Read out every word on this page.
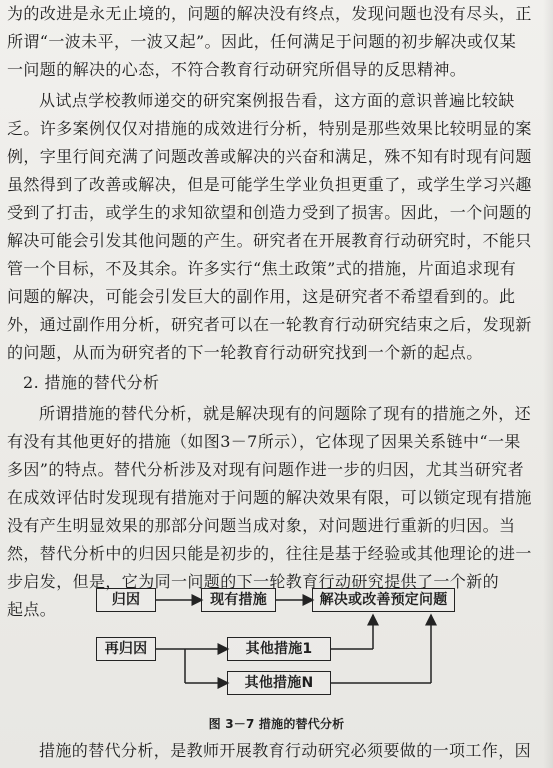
为的改进是永无止境的，问题的解决没有终点，发现问题也没有尽头，正
所谓“一波未平，一波又起”。因此，任何满足于问题的初步解决或仅某
一问题的解决的心态，不符合教育行动研究所倡导的反思精神。
从试点学校教师递交的研究案例报告看，这方面的意识普遍比较缺
乏。许多案例仅仅对措施的成效进行分析，特别是那些效果比较明显的案
例，字里行间充满了问题改善或解决的兴奋和满足，殊不知有时现有问题
虽然得到了改善或解决，但是可能学生学业负担更重了，或学生学习兴趣
受到了打击，或学生的求知欲望和创造力受到了损害。因此，一个问题的
解决可能会引发其他问题的产生。研究者在开展教育行动研究时，不能只
管一个目标，不及其余。许多实行“焦土政策”式的措施，片面追求现有
问题的解决，可能会引发巨大的副作用，这是研究者不希望看到的。此
外，通过副作用分析，研究者可以在一轮教育行动研究结束之后，发现新
的问题，从而为研究者的下一轮教育行动研究找到一个新的起点。
2. 措施的替代分析
所谓措施的替代分析，就是解决现有的问题除了现有的措施之外，还
有没有其他更好的措施（如图3－7所示），它体现了因果关系链中“一果
多因”的特点。替代分析涉及对现有问题作进一步的归因，尤其当研究者
在成效评估时发现现有措施对于问题的解决效果有限，可以锁定现有措施
没有产生明显效果的那部分问题当成对象，对问题进行重新的归因。当
然，替代分析中的归因只能是初步的，往往是基于经验或其他理论的进一
步启发，但是，它为同一问题的下一轮教育行动研究提供了一个新的
起点。	归因	现有措施	解决或改善预定问题
再归因	其他措施1
其他措施N
图 3－7 措施的替代分析
措施的替代分析，是教师开展教育行动研究必须要做的一项工作，因
